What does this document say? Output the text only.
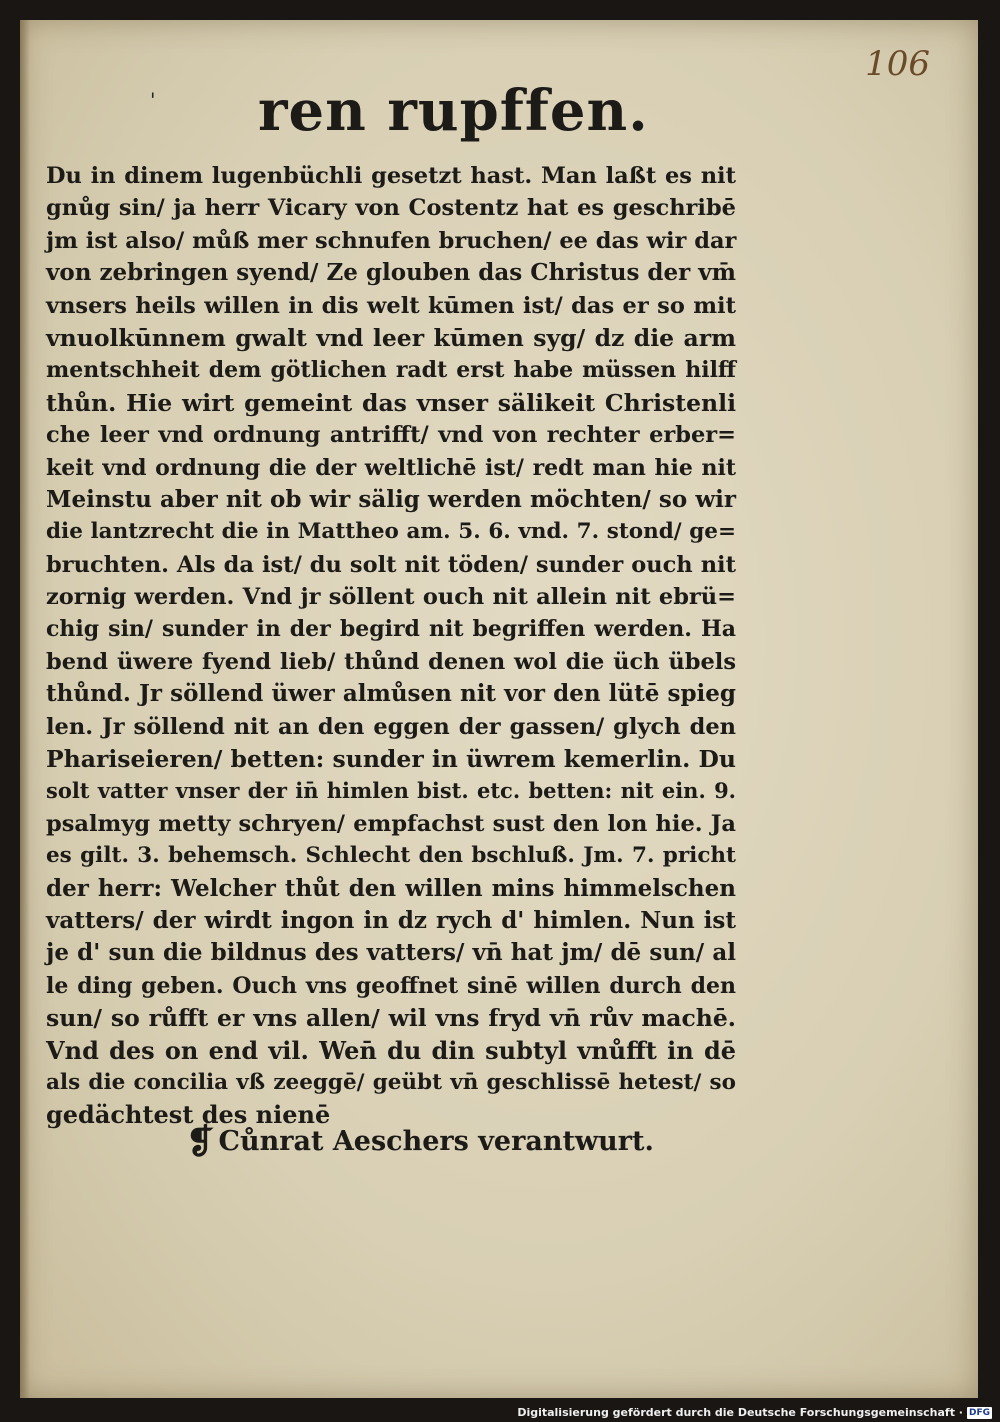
106
' ren rupffen.
Du in dinem lugenbüchli gesetzt hast. Man laßt es nit
gnůg sin/ ja herr Vicary von Costentz hat es geschribē
jm ist also/ můß mer schnufen bruchen/ ee das wir dar
von zebringen syend/ Ze glouben das Christus der vm̄
vnsers heils willen in dis welt kūmen ist/ das er so mit
vnuolkūnnem gwalt vnd leer kūmen syg/ dz die arm
mentschheit dem götlichen radt erst habe müssen hilff
thůn. Hie wirt gemeint das vnser sälikeit Christenli
che leer vnd ordnung antrifft/ vnd von rechter erber=
keit vnd ordnung die der weltlichē ist/ redt man hie nit
Meinstu aber nit ob wir sälig werden möchten/ so wir
die lantzrecht die in Mattheo am. 5. 6. vnd. 7. stond/ ge=
bruchten. Als da ist/ du solt nit töden/ sunder ouch nit
zornig werden. Vnd jr söllent ouch nit allein nit ebrü=
chig sin/ sunder in der begird nit begriffen werden. Ha
bend üwere fyend lieb/ thůnd denen wol die üch übels
thůnd. Jr söllend üwer almůsen nit vor den lütē spieg
len. Jr söllend nit an den eggen der gassen/ glych den
Phariseieren/ betten: sunder in üwrem kemerlin. Du
solt vatter vnser der in̄ himlen bist. etc. betten: nit ein. 9.
psalmyg metty schryen/ empfachst sust den lon hie. Ja
es gilt. 3. behemsch. Schlecht den bschluß. Jm. 7. pricht
der herr: Welcher thůt den willen mins himmelschen
vatters/ der wirdt ingon in dz rych d' himlen. Nun ist
je d' sun die bildnus des vatters/ vn̄ hat jm/ dē sun/ al
le ding geben. Ouch vns geoffnet sinē willen durch den
sun/ so růfft er vns allen/ wil vns fryd vn̄ rův machē.
Vnd des on end vil. Wen̄ du din subtyl vnůfft in dē
als die concilia vß zeeggē/ geübt vn̄ geschlissē hetest/ so
gedächtest des nienē
❡ Cůnrat Aeschers verantwurt.
Digitalisierung gefördert durch die Deutsche Forschungsgemeinschaft · DFG
